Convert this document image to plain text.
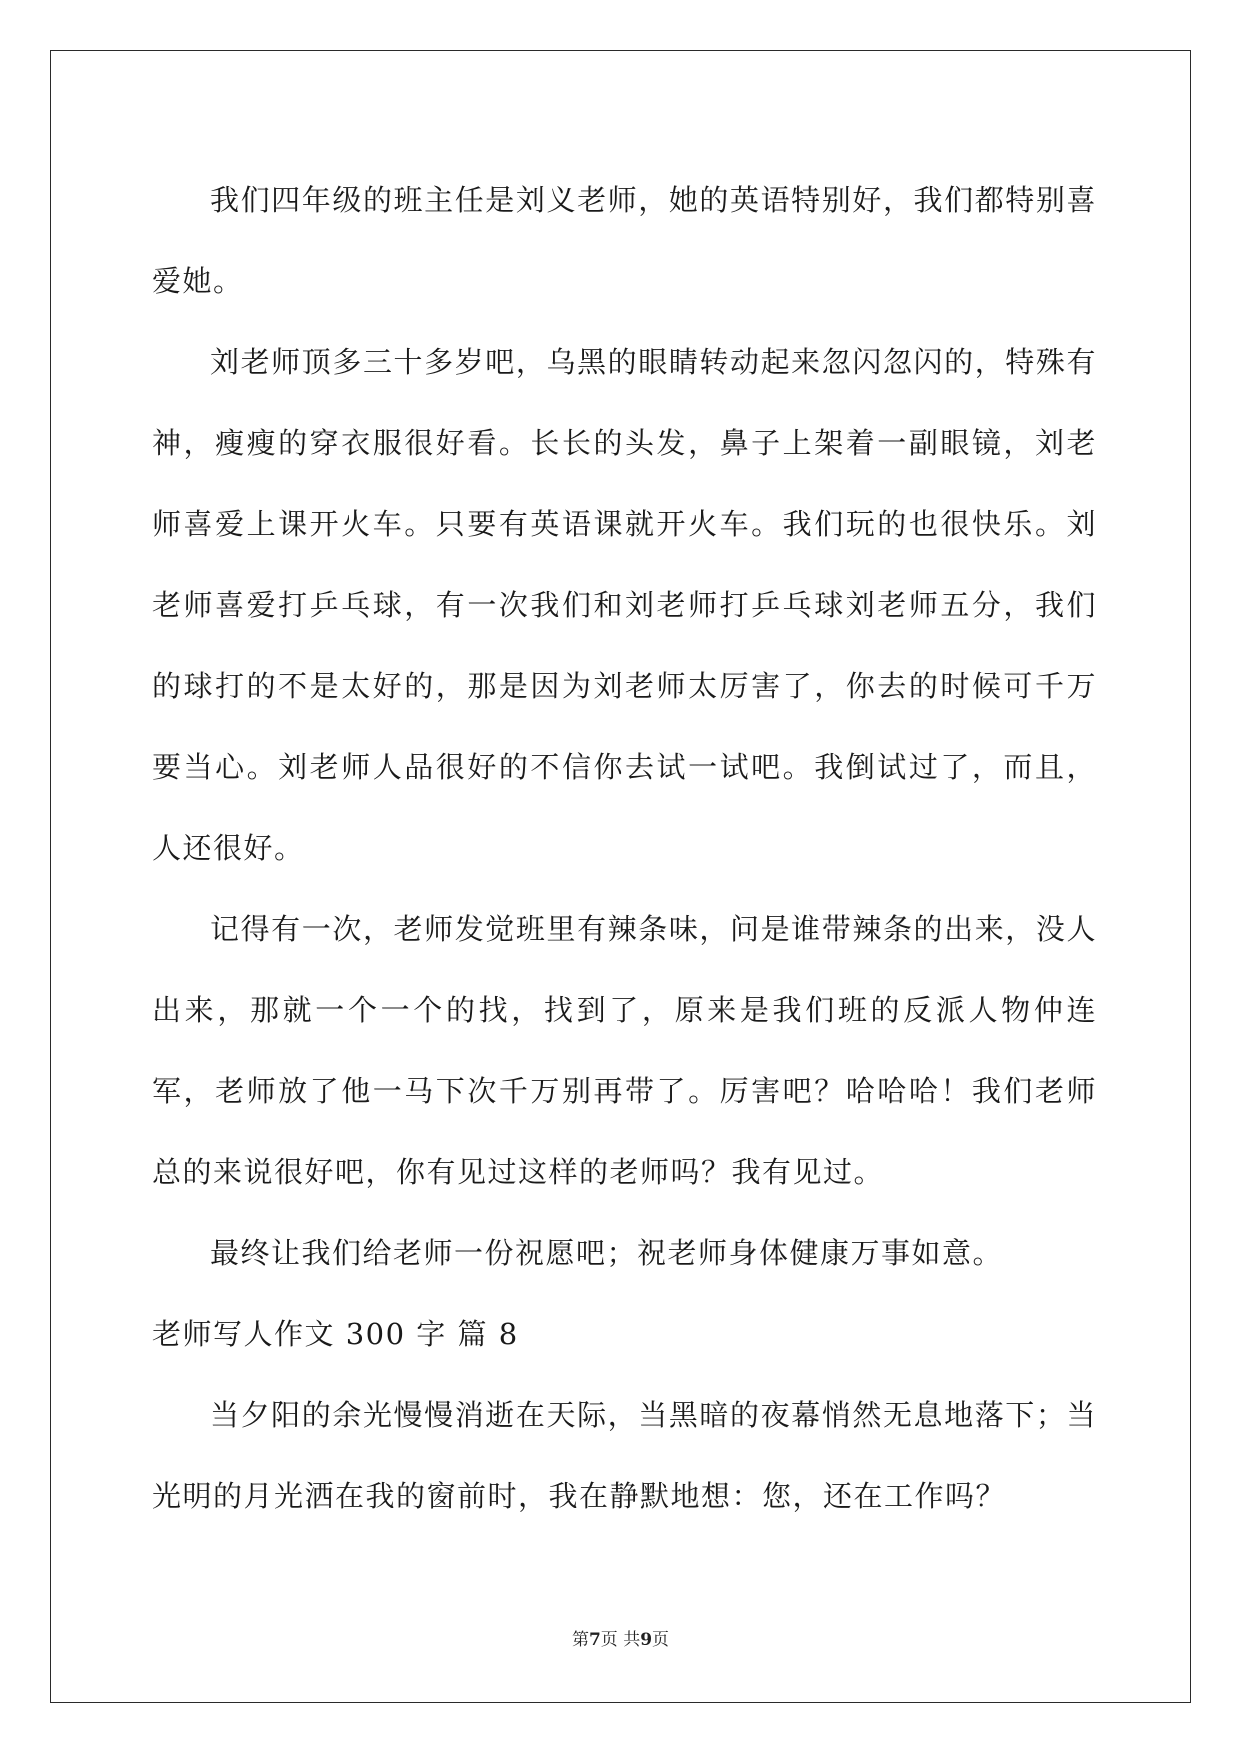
我们四年级的班主任是刘义老师，她的英语特别好，我们都特别喜爱她。

刘老师顶多三十多岁吧，乌黑的眼睛转动起来忽闪忽闪的，特殊有神，瘦瘦的穿衣服很好看。长长的头发，鼻子上架着一副眼镜，刘老师喜爱上课开火车。只要有英语课就开火车。我们玩的也很快乐。刘老师喜爱打乒乓球，有一次我们和刘老师打乒乓球刘老师五分，我们的球打的不是太好的，那是因为刘老师太厉害了，你去的时候可千万要当心。刘老师人品很好的不信你去试一试吧。我倒试过了，而且，人还很好。

记得有一次，老师发觉班里有辣条味，问是谁带辣条的出来，没人出来，那就一个一个的找，找到了，原来是我们班的反派人物仲连军，老师放了他一马下次千万别再带了。厉害吧？哈哈哈！我们老师总的来说很好吧，你有见过这样的老师吗？我有见过。

最终让我们给老师一份祝愿吧；祝老师身体健康万事如意。

老师写人作文 300 字 篇 8

当夕阳的余光慢慢消逝在天际，当黑暗的夜幕悄然无息地落下；当光明的月光洒在我的窗前时，我在静默地想：您，还在工作吗？

第7页 共9页
